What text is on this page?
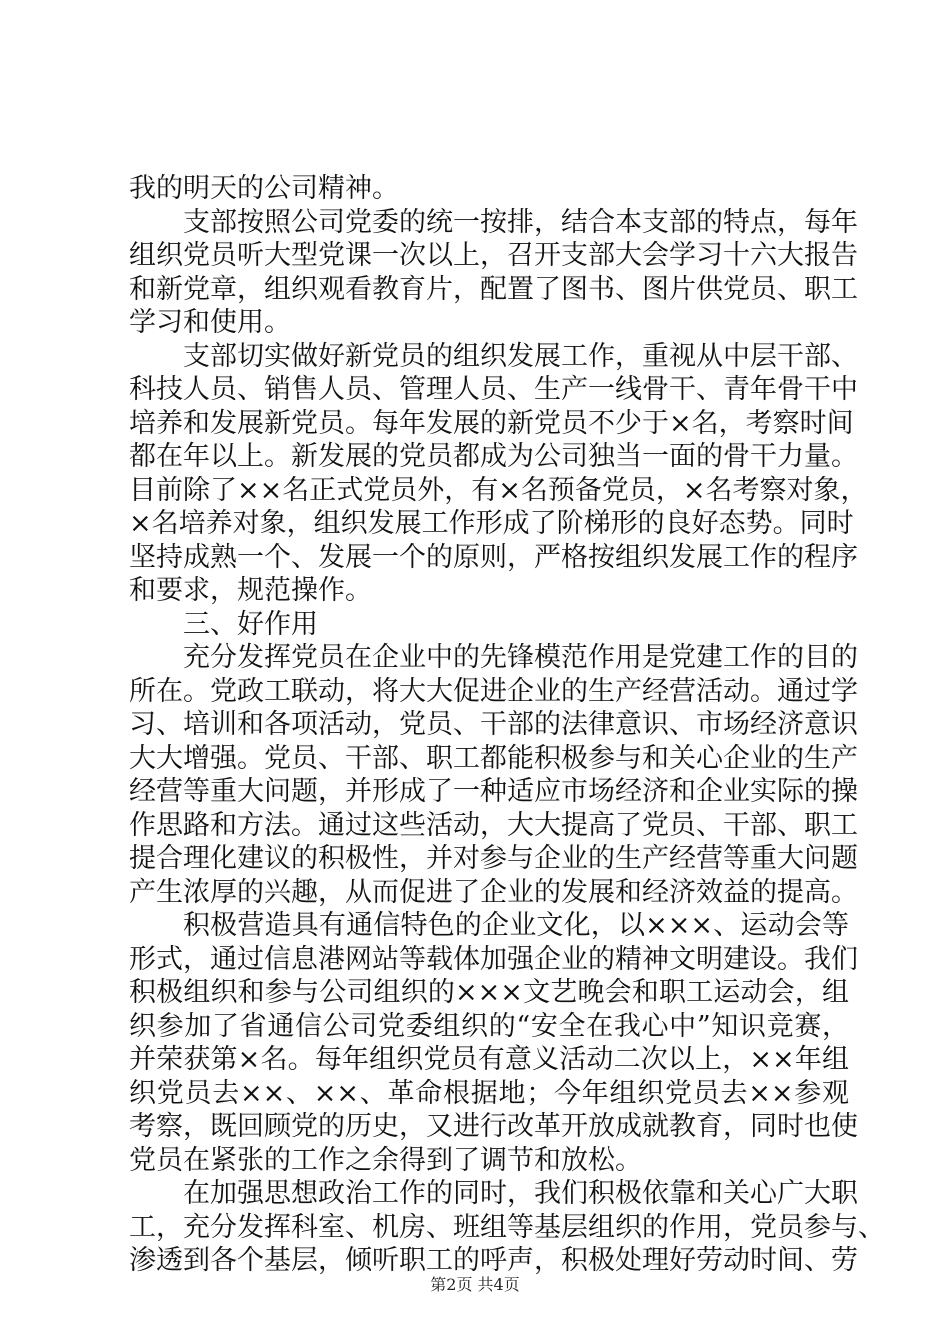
我的明天的公司精神。
支部按照公司党委的统一按排，结合本支部的特点，每年
组织党员听大型党课一次以上，召开支部大会学习十六大报告
和新党章，组织观看教育片，配置了图书、图片供党员、职工
学习和使用。
支部切实做好新党员的组织发展工作，重视从中层干部、
科技人员、销售人员、管理人员、生产一线骨干、青年骨干中
培养和发展新党员。每年发展的新党员不少于×名，考察时间
都在年以上。新发展的党员都成为公司独当一面的骨干力量。
目前除了××名正式党员外，有×名预备党员，×名考察对象，
×名培养对象，组织发展工作形成了阶梯形的良好态势。同时
坚持成熟一个、发展一个的原则，严格按组织发展工作的程序
和要求，规范操作。
三、好作用
充分发挥党员在企业中的先锋模范作用是党建工作的目的
所在。党政工联动，将大大促进企业的生产经营活动。通过学
习、培训和各项活动，党员、干部的法律意识、市场经济意识
大大增强。党员、干部、职工都能积极参与和关心企业的生产
经营等重大问题，并形成了一种适应市场经济和企业实际的操
作思路和方法。通过这些活动，大大提高了党员、干部、职工
提合理化建议的积极性，并对参与企业的生产经营等重大问题
产生浓厚的兴趣，从而促进了企业的发展和经济效益的提高。
积极营造具有通信特色的企业文化，以×××、运动会等
形式，通过信息港网站等载体加强企业的精神文明建设。我们
积极组织和参与公司组织的×××文艺晚会和职工运动会，组
织参加了省通信公司党委组织的“安全在我心中”知识竞赛，
并荣获第×名。每年组织党员有意义活动二次以上，××年组
织党员去××、××、革命根据地；今年组织党员去××参观
考察，既回顾党的历史，又进行改革开放成就教育，同时也使
党员在紧张的工作之余得到了调节和放松。
在加强思想政治工作的同时，我们积极依靠和关心广大职
工，充分发挥科室、机房、班组等基层组织的作用，党员参与、
渗透到各个基层，倾听职工的呼声，积极处理好劳动时间、劳
第2页 共4页
